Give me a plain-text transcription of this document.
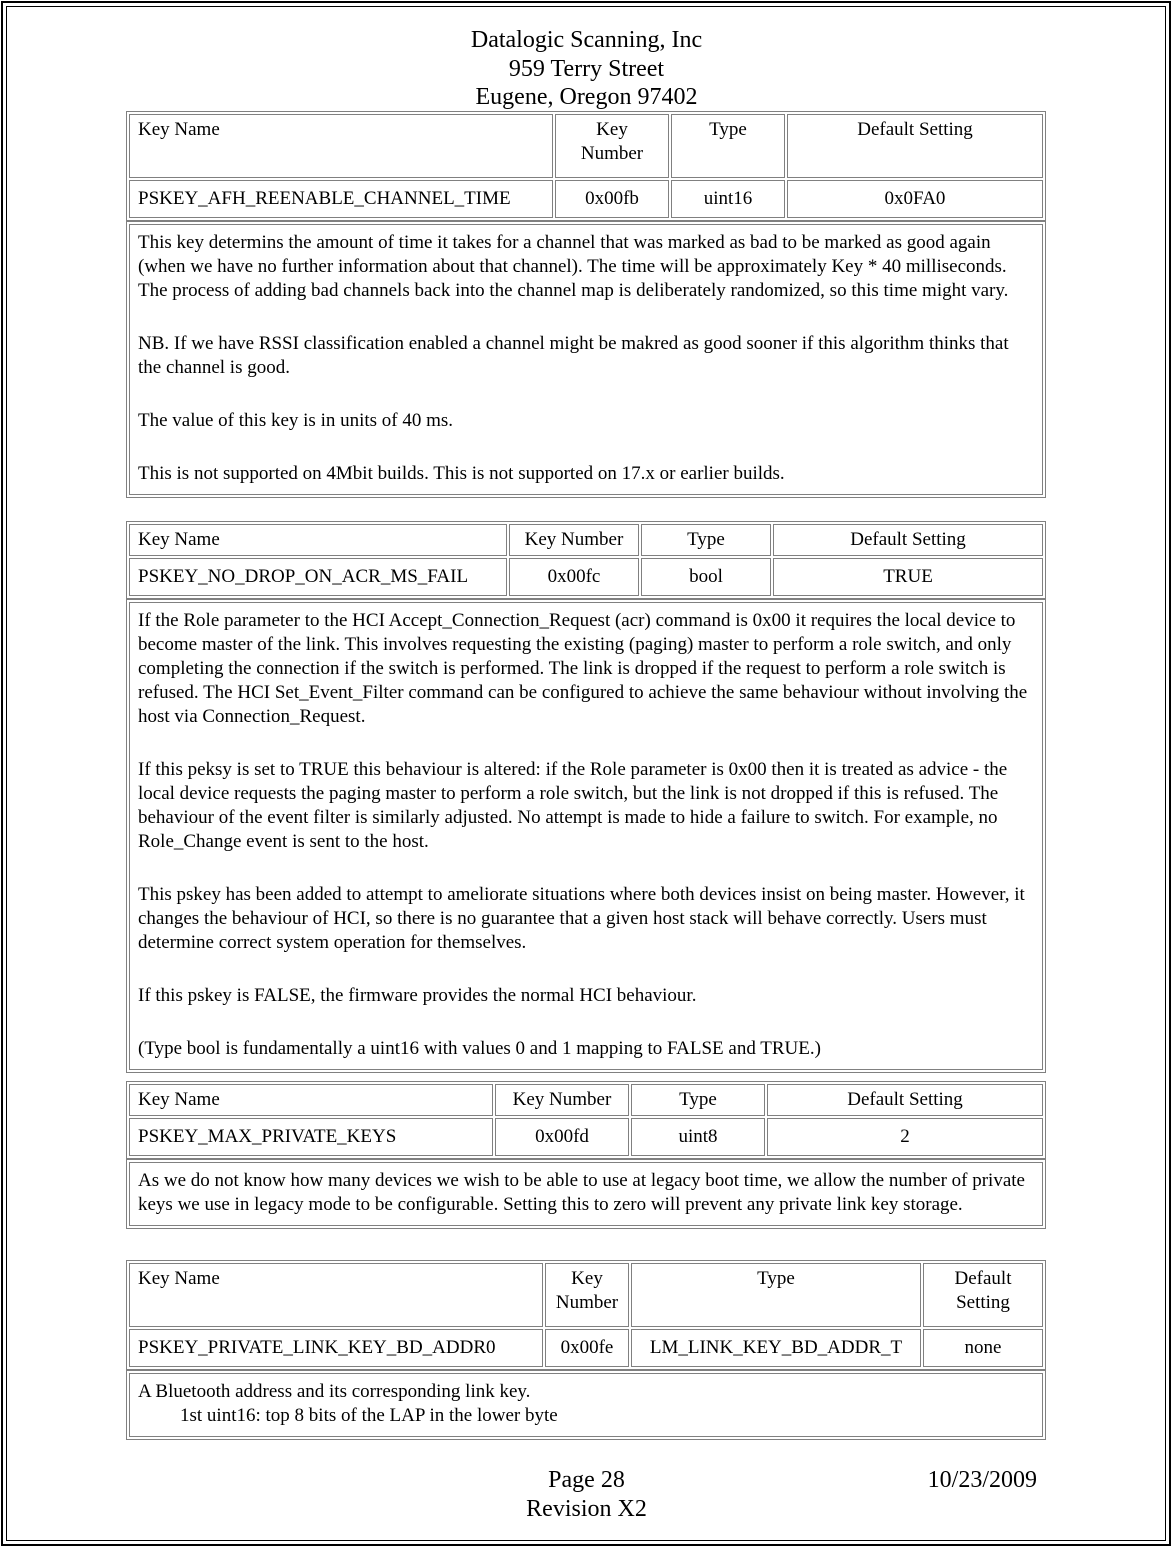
Datalogic Scanning, Inc
959 Terry Street
Eugene, Oregon 97402
Key Name	Key Number	Type	Default Setting
PSKEY_AFH_REENABLE_CHANNEL_TIME	0x00fb	uint16	0x0FA0

This key determins the amount of time it takes for a channel that was marked as bad to be marked as good again (when we have no further information about that channel). The time will be approximately Key * 40 milliseconds. The process of adding bad channels back into the channel map is deliberately randomized, so this time might vary.

NB. If we have RSSI classification enabled a channel might be makred as good sooner if this algorithm thinks that the channel is good.

The value of this key is in units of 40 ms.

This is not supported on 4Mbit builds. This is not supported on 17.x or earlier builds.

Key Name	Key Number	Type	Default Setting
PSKEY_NO_DROP_ON_ACR_MS_FAIL	0x00fc	bool	TRUE

If the Role parameter to the HCI Accept_Connection_Request (acr) command is 0x00 it requires the local device to become master of the link. This involves requesting the existing (paging) master to perform a role switch, and only completing the connection if the switch is performed. The link is dropped if the request to perform a role switch is refused. The HCI Set_Event_Filter command can be configured to achieve the same behaviour without involving the host via Connection_Request.

If this peksy is set to TRUE this behaviour is altered: if the Role parameter is 0x00 then it is treated as advice - the local device requests the paging master to perform a role switch, but the link is not dropped if this is refused. The behaviour of the event filter is similarly adjusted. No attempt is made to hide a failure to switch. For example, no Role_Change event is sent to the host.

This pskey has been added to attempt to ameliorate situations where both devices insist on being master. However, it changes the behaviour of HCI, so there is no guarantee that a given host stack will behave correctly. Users must determine correct system operation for themselves.

If this pskey is FALSE, the firmware provides the normal HCI behaviour.

(Type bool is fundamentally a uint16 with values 0 and 1 mapping to FALSE and TRUE.)

Key Name	Key Number	Type	Default Setting
PSKEY_MAX_PRIVATE_KEYS	0x00fd	uint8	2

As we do not know how many devices we wish to be able to use at legacy boot time, we allow the number of private keys we use in legacy mode to be configurable. Setting this to zero will prevent any private link key storage.

Key Name	Key Number	Type	Default Setting
PSKEY_PRIVATE_LINK_KEY_BD_ADDR0	0x00fe	LM_LINK_KEY_BD_ADDR_T	none
A Bluetooth address and its corresponding link key.
1st uint16: top 8 bits of the LAP in the lower byte
Page 28	10/23/2009
Revision X2
